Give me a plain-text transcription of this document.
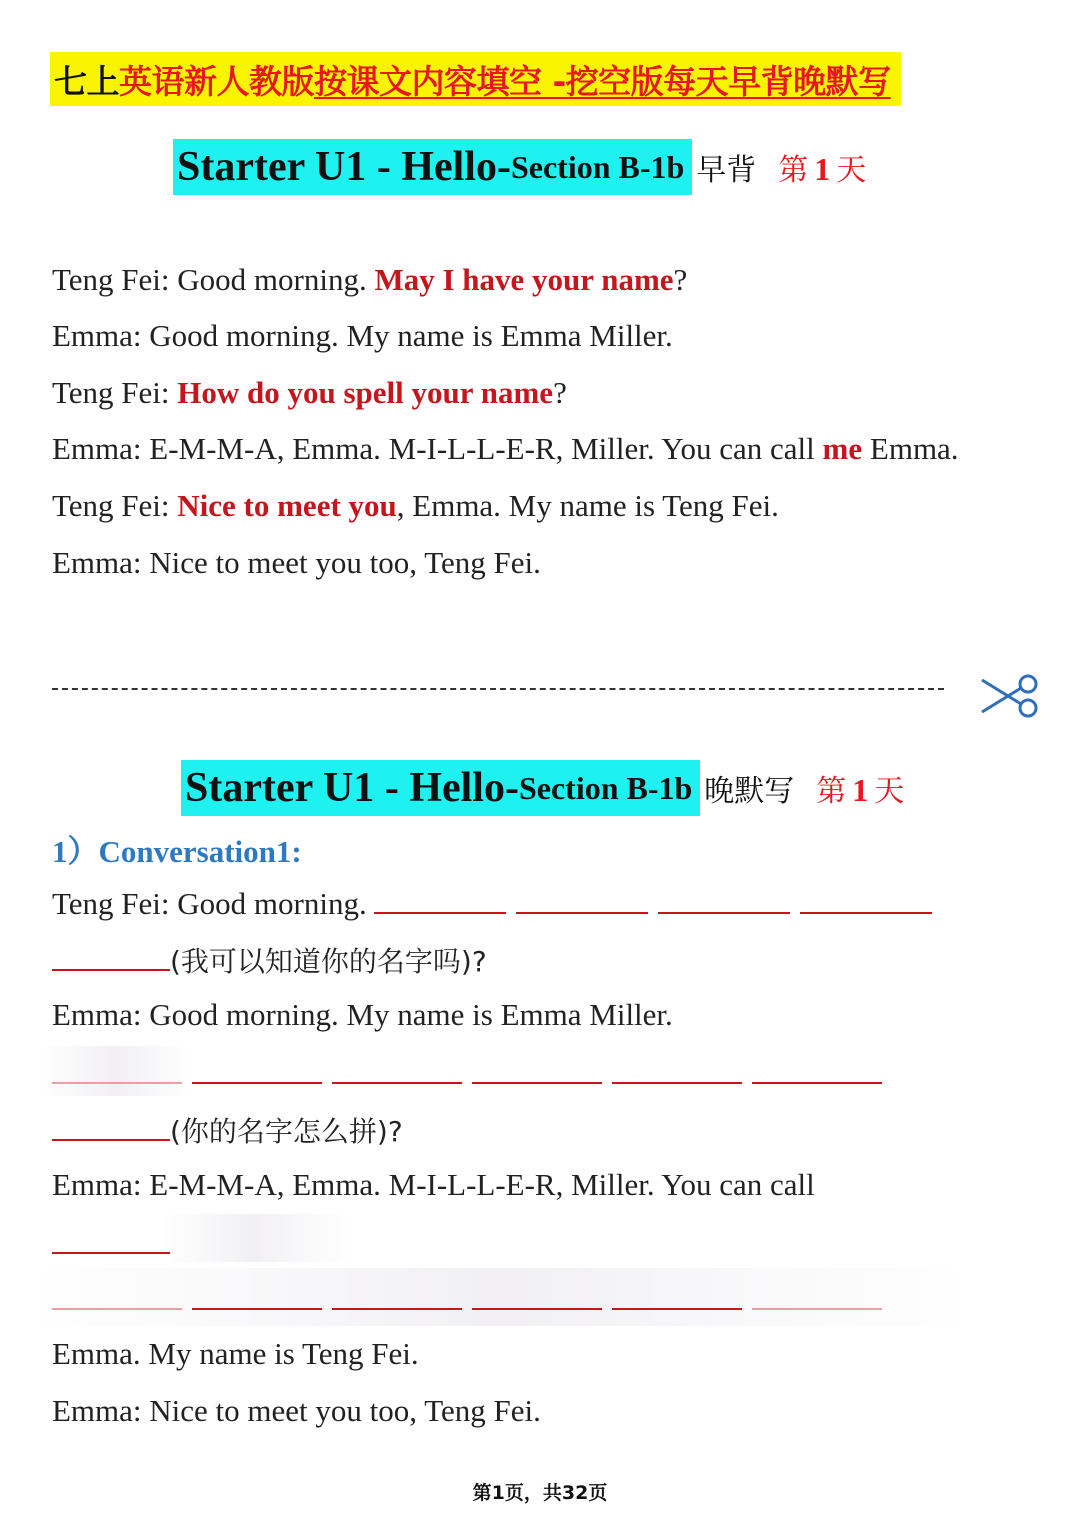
七上 英语新人教版 按课文内容填空 -挖空版每天早背晚默写
Starter U1 - Hello- Section B-1b 早背 第 1 天
Teng Fei: Good morning. May I have your name?
Emma: Good morning. My name is Emma Miller.
Teng Fei: How do you spell your name?
Emma: E-M-M-A, Emma. M-I-L-L-E-R, Miller. You can call me Emma.
Teng Fei: Nice to meet you, Emma. My name is Teng Fei.
Emma: Nice to meet you too, Teng Fei.
Starter U1 - Hello- Section B-1b 晚默写 第 1 天
1）Conversation1:
Teng Fei: Good morning.
(我可以知道你的名字吗)?
Emma: Good morning. My name is Emma Miller.
(你的名字怎么拼)?
Emma: E-M-M-A, Emma. M-I-L-L-E-R, Miller. You can call
Emma. My name is Teng Fei.
Emma: Nice to meet you too, Teng Fei.
第1页，共32页
